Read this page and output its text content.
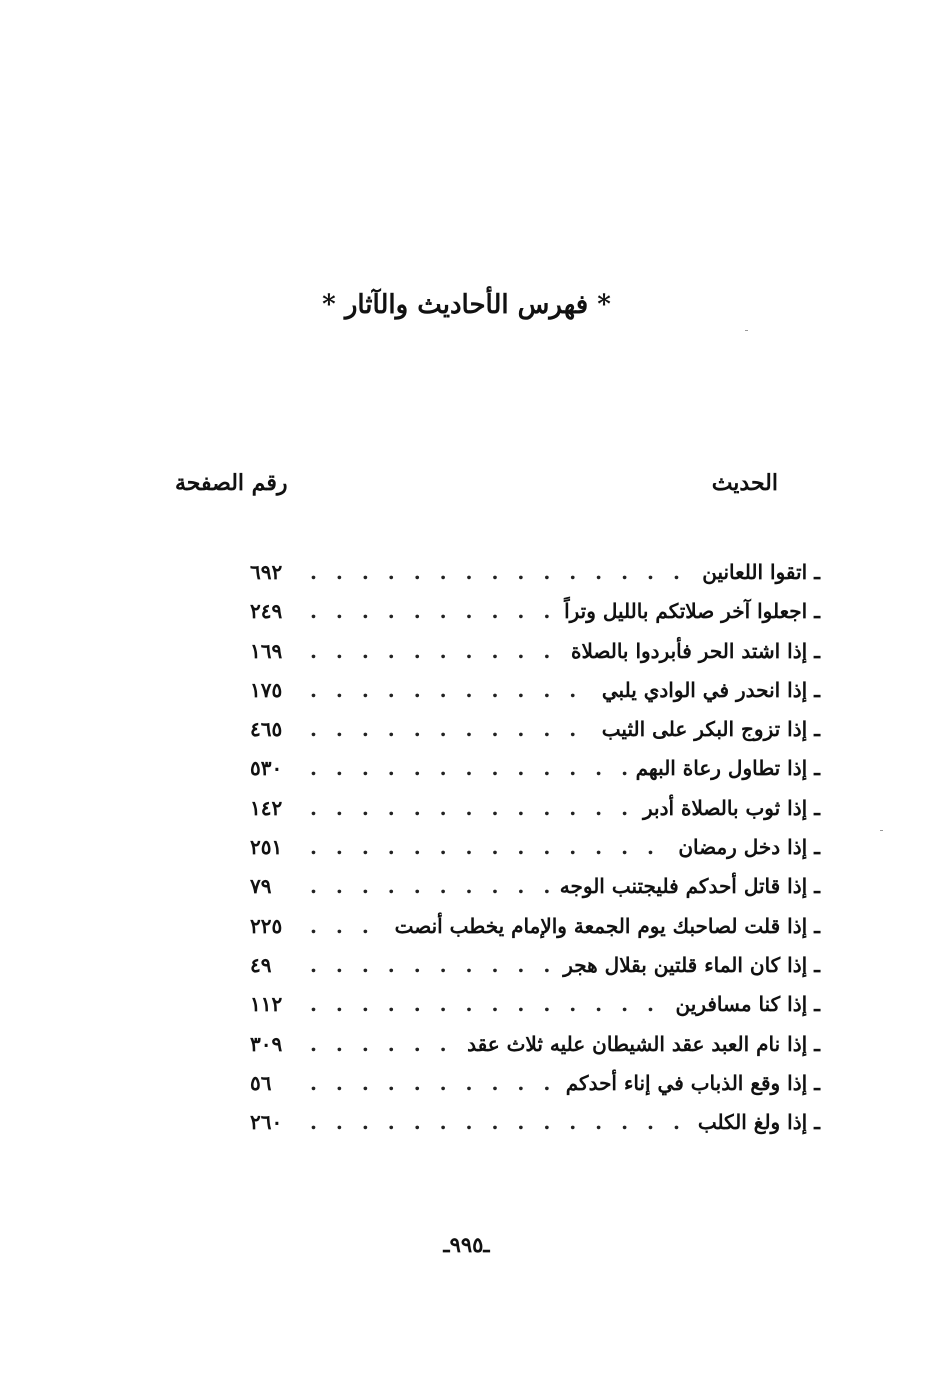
* فهرس الأحاديث والآثار *
الحديث
رقم الصفحة
ـ اتقوا اللعانين
. . .
٦٩٢
ـ اجعلوا آخر صلاتكم بالليل وتراً
. . .
٢٤٩
ـ إذا اشتد الحر فأبردوا بالصلاة
. . .
١٦٩
ـ إذا انحدر في الوادي يلبي
. . .
١٧٥
ـ إذا تزوج البكر على الثيب
. . .
٤٦٥
ـ إذا تطاول رعاة البهم
. . .
٥٣٠
ـ إذا ثوب بالصلاة أدبر
. . .
١٤٢
ـ إذا دخل رمضان
. . .
٢٥١
ـ إذا قاتل أحدكم فليجتنب الوجه
. . .
٧٩
ـ إذا قلت لصاحبك يوم الجمعة والإمام يخطب أنصت
. . .
٢٢٥
ـ إذا كان الماء قلتين بقلال هجر
. . .
٤٩
ـ إذا كنا مسافرين
. . .
١١٢
ـ إذا نام العبد عقد الشيطان عليه ثلاث عقد
. . .
٣٠٩
ـ إذا وقع الذباب في إناء أحدكم
. . .
٥٦
ـ إذا ولغ الكلب
. . .
٢٦٠
ـ٩٩٥ـ
